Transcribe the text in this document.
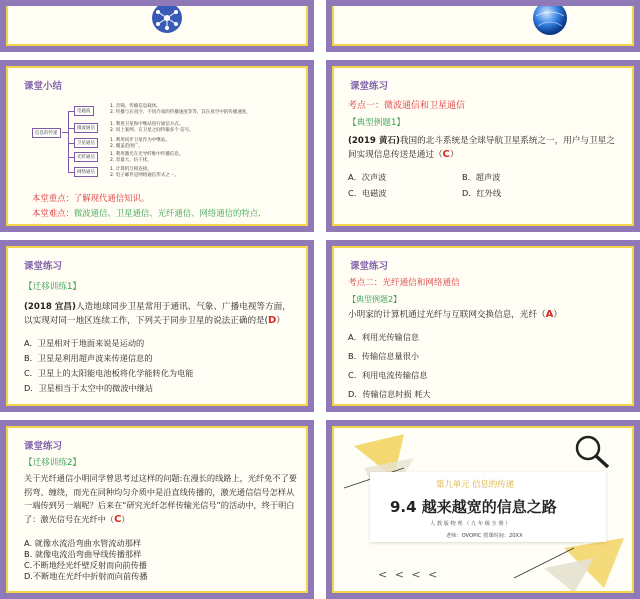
课堂小结
信息的传递
电磁波
1. 音频、传输信息载体。
2. 传播与在真空、不同介质的传播速度等等，其在真空中的传播速度，
微波通信
1. 利用卫星和中继站进行通信方式。
2. 同上案例、在卫星之间传输多个 信号。
卫星通信
1. 利用同步卫星作为中继站。
2. 覆盖范围广。
光纤通信
1. 利用激光在光导纤维中传播信息。
2. 容量大、抗干扰。
网络通信
1. 计算机互相连接。
2. 电子邮件是网络通信形式之一。
本堂重点：了解现代通信知识。
本堂难点：微波通信、卫星通信、光纤通信、网络通信的特点.
课堂练习
考点一：微波通信和卫星通信
【典型例题1】
(2019 黄石)我国的北斗系统是全球导航卫星系统之一，用户与卫星之间实现信息传送是通过（C）
A．次声波	B．超声波
C．电磁波	D．红外线
课堂练习
【迁移训练1】
(2018 宜昌)人造地球同步卫星常用于通讯、气象、广播电视等方面，以实现对同一地区连续工作，下列关于同步卫星的说法正确的是(D）
A．卫星相对于地面来说是运动的
B．卫星是利用超声波来传递信息的
C．卫星上的太阳能电池板将化学能转化为电能
D．卫星相当于太空中的微波中继站
课堂练习
考点二：光纤通信和网络通信
【典型例题2】
小明家的计算机通过光纤与互联网交换信息，光纤（A）
A．利用光传输信息
B．传输信息量很小
C．利用电流传输信息
D．传输信息时损 耗大
课堂练习
【迁移训练2】
关于光纤通信小明同学曾思考过这样的问题:在漫长的线路上，光纤免不了要拐弯、缠绕，而光在同种均匀介质中是沿直线传播的，激光通信信号怎样从一端传到另一端呢？后来在“研究光纤怎样传输光信号”的活动中，终于明白了：激光信号在光纤中（C）
A. 就像水流沿弯曲水管流动那样
B. 就像电流沿弯曲导线传播那样
C.不断地经光纤壁反射而向前传播
D.不断地在光纤中折射而向前传播
第九单元 信息的传递
9.4 越来越宽的信息之路
人 教 版 物 理 （ 九 年 级 全 册 ）
老师：OVOPIC 授课时间：20XX
< < < <
